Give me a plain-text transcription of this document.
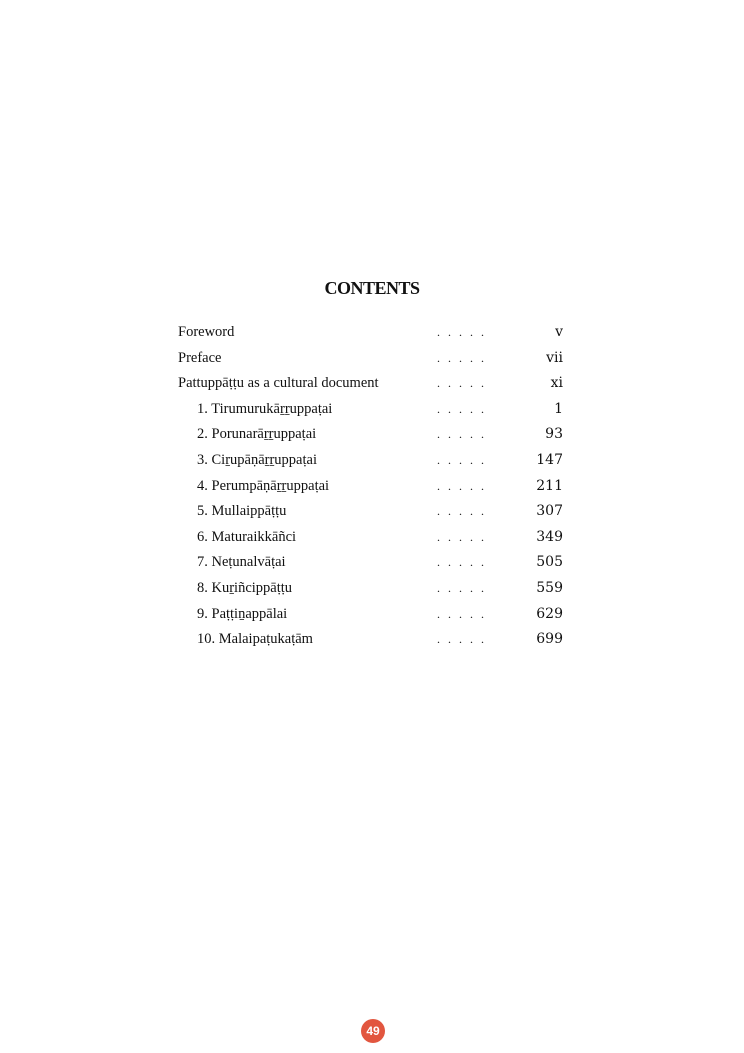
CONTENTS
Foreword	. . . . .	v
Preface	. . . . .	vii
Pattuppāṭṭu as a cultural document	. . . . .	xi
1. Tirumurukāṟṟuppaṭai	. . . . .	1
2. Porunarāṟṟuppaṭai	. . . . .	93
3. Ciṟupāṇāṟṟuppaṭai	. . . . .	147
4. Perumpāṇāṟṟuppaṭai	. . . . .	211
5. Mullaippāṭṭu	. . . . .	307
6. Maturaikkāñci	. . . . .	349
7. Neṭunalvāṭai	. . . . .	505
8. Kuṟiñcippāṭṭu	. . . . .	559
9. Paṭṭiṉappālai	. . . . .	629
10. Malaipaṭukaṭām	. . . . .	699
49
